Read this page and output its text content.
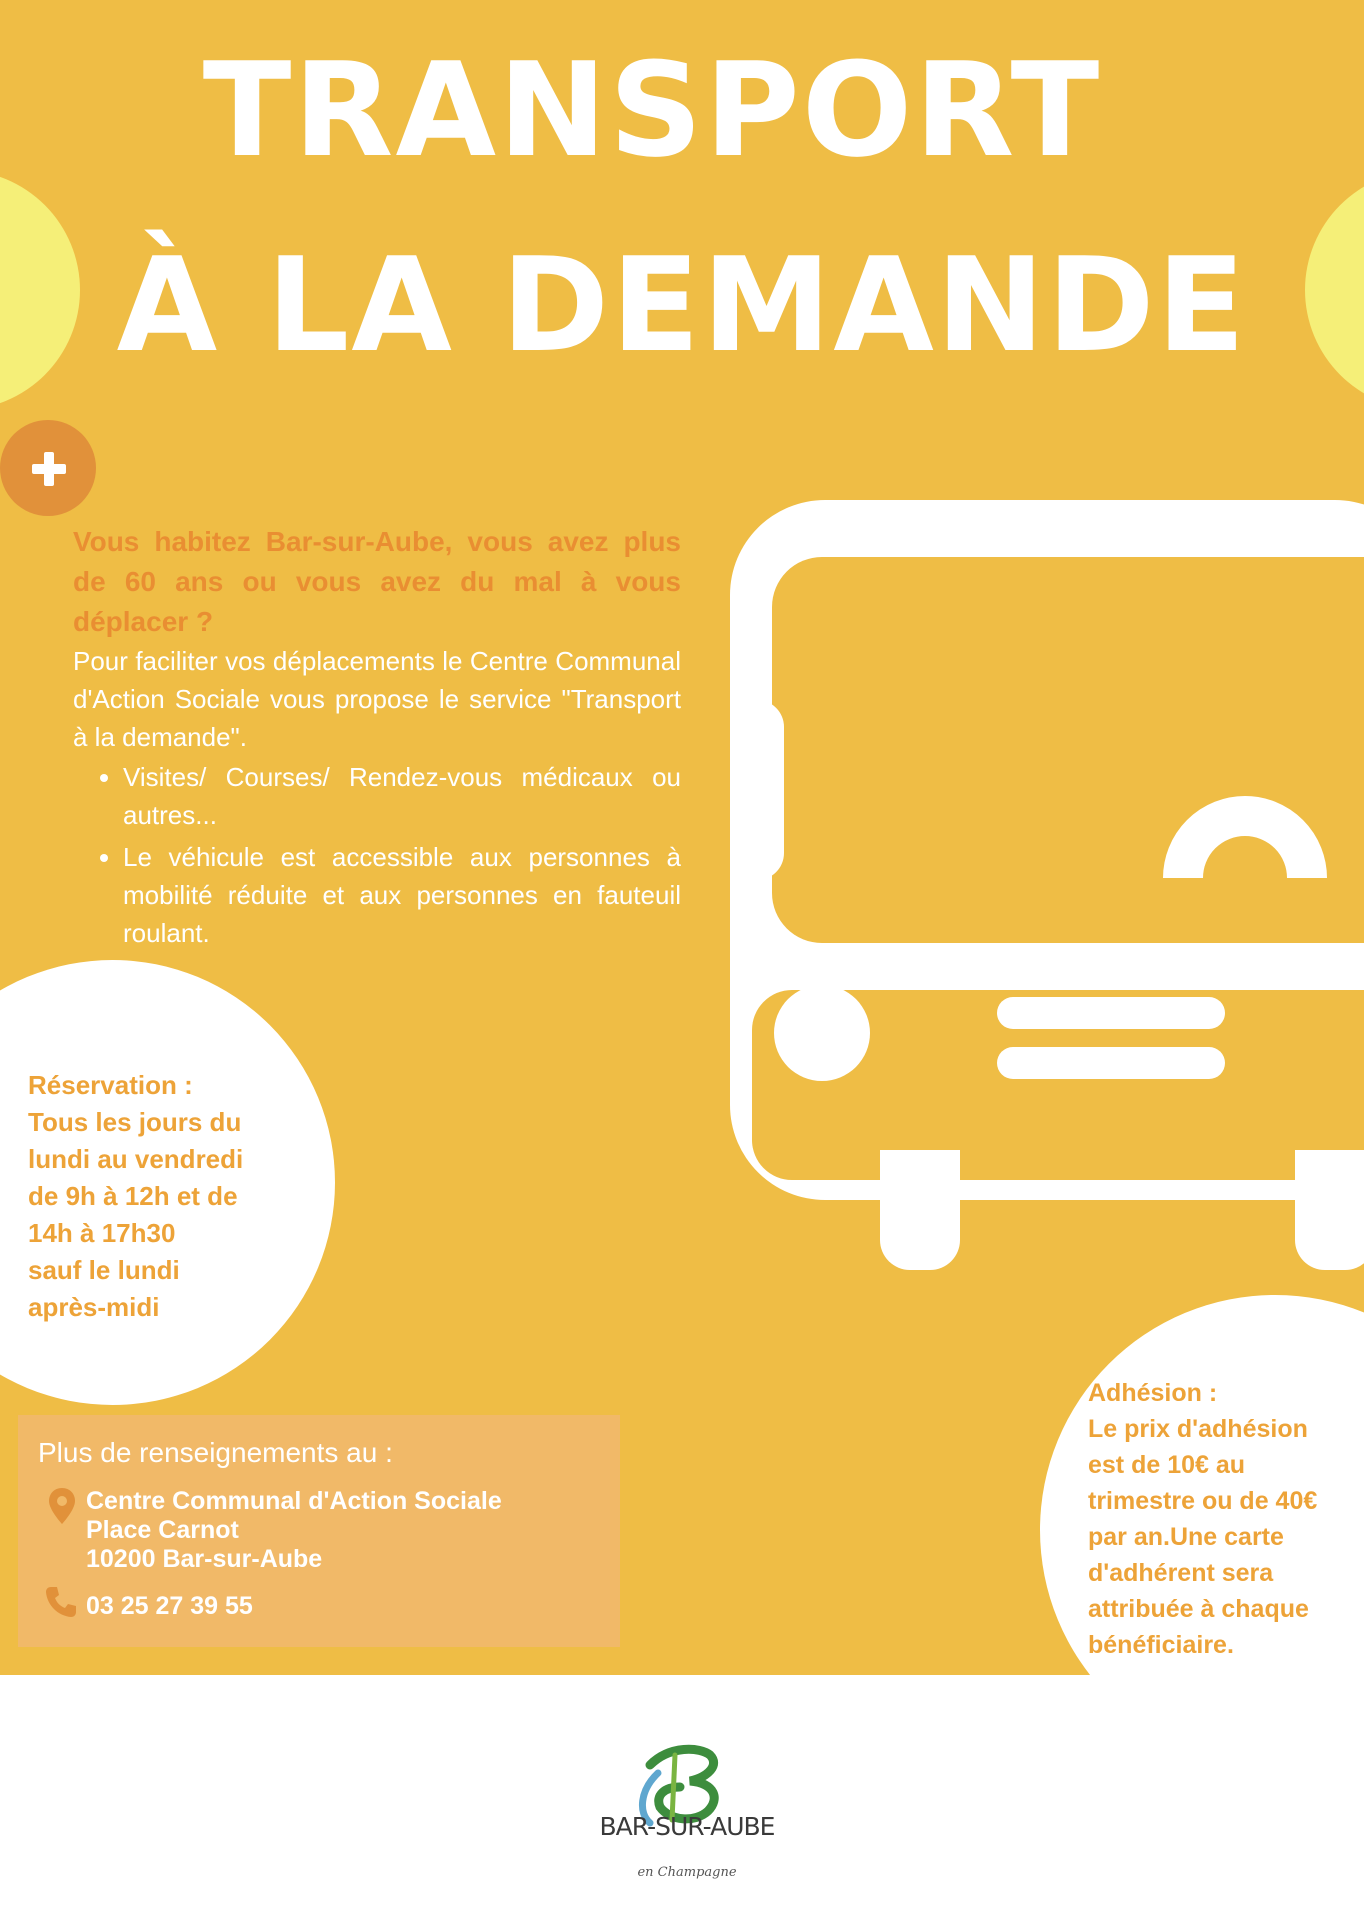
TRANSPORT
À LA DEMANDE
Vous habitez Bar-sur-Aube, vous avez plus de 60 ans ou vous avez du mal à vous déplacer ?
Pour faciliter vos déplacements le Centre Communal d'Action Sociale vous propose le service "Transport à la demande".
• Visites/ Courses/ Rendez-vous médicaux ou autres...
• Le véhicule est accessible aux personnes à mobilité réduite et aux personnes en fauteuil roulant.
Réservation :
Tous les jours du
lundi au vendredi
de 9h à 12h et de
14h à 17h30
sauf le lundi
après-midi
Adhésion :
Le prix d'adhésion
est de 10€ au
trimestre ou de 40€
par an.Une carte
d'adhérent sera
attribuée à chaque
bénéficiaire.
Plus de renseignements au :
Centre Communal d'Action Sociale
Place Carnot
10200 Bar-sur-Aube
03 25 27 39 55
BAR-SUR-AUBE
en Champagne
